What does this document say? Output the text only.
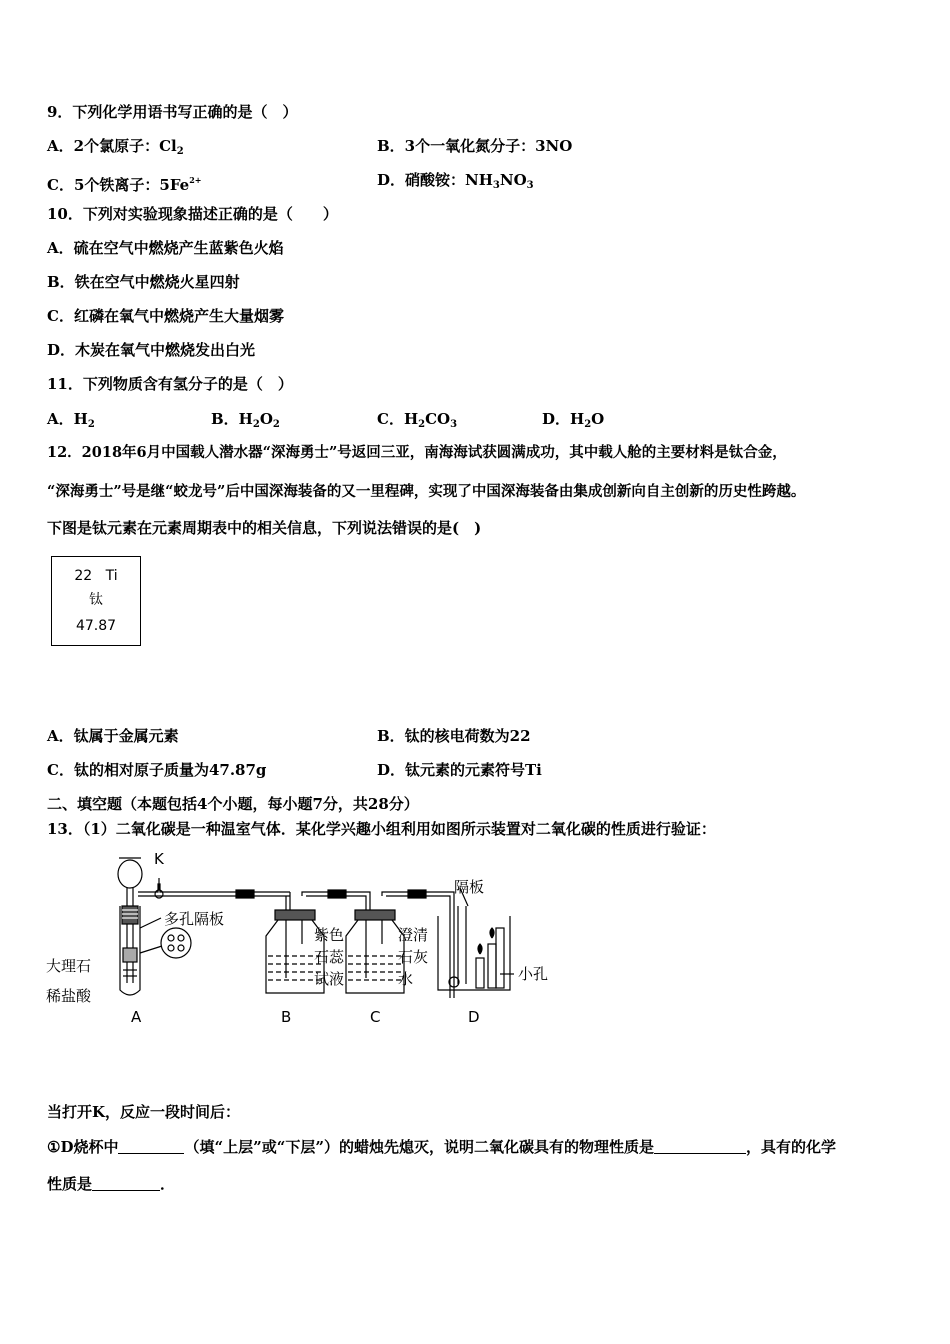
9．下列化学用语书写正确的是（　）
A．2个氯原子：$Cl_2$	B．3个一氧化氮分子：3NO
C．5个铁离子：$5Fe^{2+}$	D．硝酸铵：$NH_3NO_3$
10．下列对实验现象描述正确的是（　　）
A．硫在空气中燃烧产生蓝紫色火焰
B．铁在空气中燃烧火星四射
C．红磷在氧气中燃烧产生大量烟雾
D．木炭在氧气中燃烧发出白光
11．下列物质含有氢分子的是（　）
A．$H_2$	B．$H_2O_2$	C．$H_2CO_3$	D．$H_2O$
12．2018年6月中国载人潜水器“深海勇士”号返回三亚，南海海试获圆满成功，其中载人舱的主要材料是钛合金，
“深海勇士”号是继“蛟龙号”后中国深海装备的又一里程碑，实现了中国深海装备由集成创新向自主创新的历史性跨越。
下图是钛元素在元素周期表中的相关信息，下列说法错误的是(　)
22 Ti
钛
47.87
A．钛属于金属元素	B．钛的核电荷数为22
C．钛的相对原子质量为47.87g	D．钛元素的元素符号Ti
二、填空题（本题包括4个小题，每小题7分，共28分）
13．（1）二氧化碳是一种温室气体．某化学兴趣小组利用如图所示装置对二氧化碳的性质进行验证：
K
多孔隔板
大理石
稀盐酸
紫色
石蕊
试液
澄清
石灰
水
隔板
小孔
A	B	C	D
当打开K，反应一段时间后：
①D烧杯中	（填“上层”或“下层”）的蜡烛先熄灭，说明二氧化碳具有的物理性质是	，具有的化学
性质是	．
